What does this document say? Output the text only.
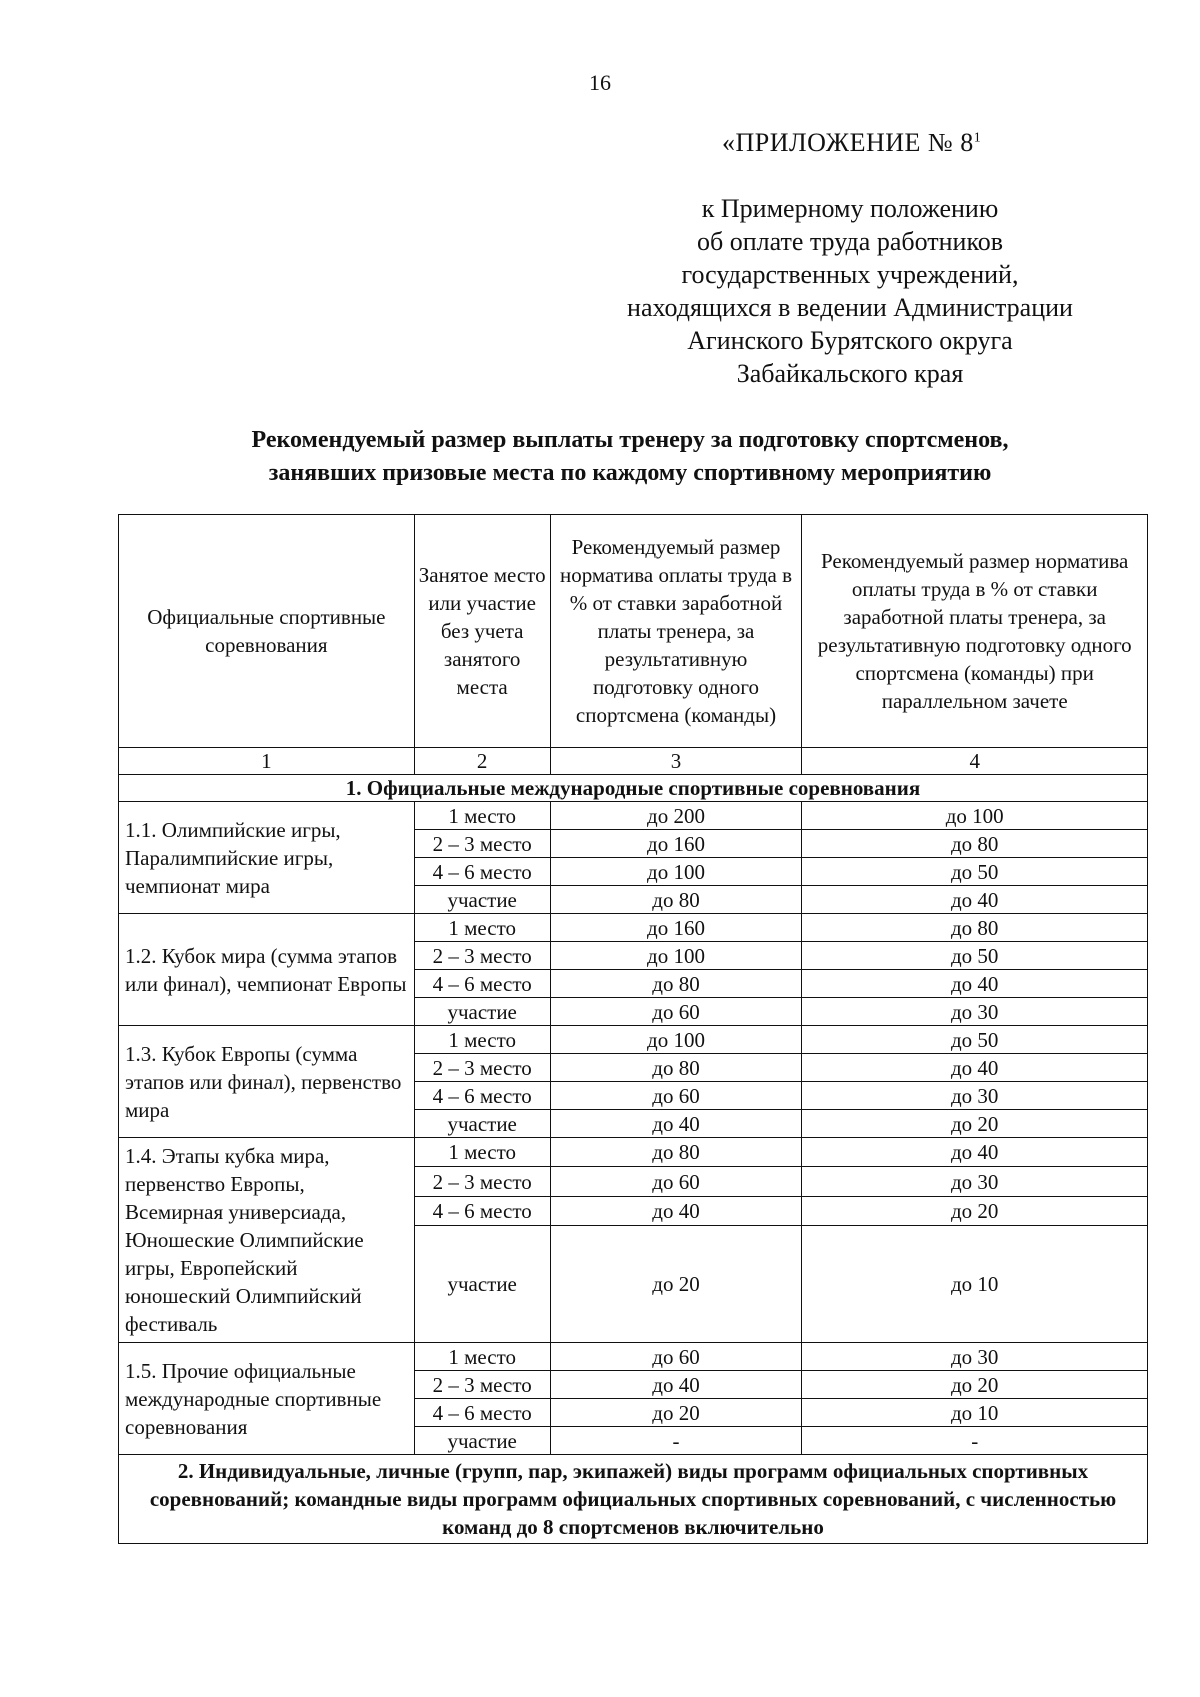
16
«ПРИЛОЖЕНИЕ № $8^1$
к Примерному положению
об оплате труда работников
государственных учреждений,
находящихся в ведении Администрации
Агинского Бурятского округа
Забайкальского края
Рекомендуемый размер выплаты тренеру за подготовку спортсменов,
занявших призовые места по каждому спортивному мероприятию
Официальные спортивные соревнования	Занятое место или участие без учета занятого места	Рекомендуемый размер норматива оплаты труда в % от ставки заработной платы тренера, за результативную подготовку одного спортсмена (команды)	Рекомендуемый размер норматива оплаты труда в % от ставки заработной платы тренера, за результативную подготовку одного спортсмена (команды) при параллельном зачете
1	2	3	4
1. Официальные международные спортивные соревнования			

1.1. Олимпийские игры, Паралимпийские игры, чемпионат мира	1 место	до 200	до 100
	2 – 3 место	до 160	до 80
	4 – 6 место	до 100	до 50
	участие	до 80	до 40

1.2. Кубок мира (сумма этапов или финал), чемпионат Европы	1 место	до 160	до 80
	2 – 3 место	до 100	до 50
	4 – 6 место	до 80	до 40
	участие	до 60	до 30

1.3. Кубок Европы (сумма этапов или финал), первенство мира	1 место	до 100	до 50
	2 – 3 место	до 80	до 40
	4 – 6 место	до 60	до 30
	участие	до 40	до 20

1.4. Этапы кубка мира, первенство Европы, Всемирная универсиада, Юношеские Олимпийские игры, Европейский юношеский Олимпийский фестиваль	1 место	до 80	до 40
	2 – 3 место	до 60	до 30
	4 – 6 место	до 40	до 20
	участие	до 20	до 10

1.5. Прочие официальные международные спортивные соревнования	1 место	до 60	до 30
	2 – 3 место	до 40	до 20
	4 – 6 место	до 20	до 10
	участие	-	-
2. Индивидуальные, личные (групп, пар, экипажей) виды программ официальных спортивных соревнований; командные виды программ официальных спортивных соревнований, с численностью команд до 8 спортсменов включительно			
